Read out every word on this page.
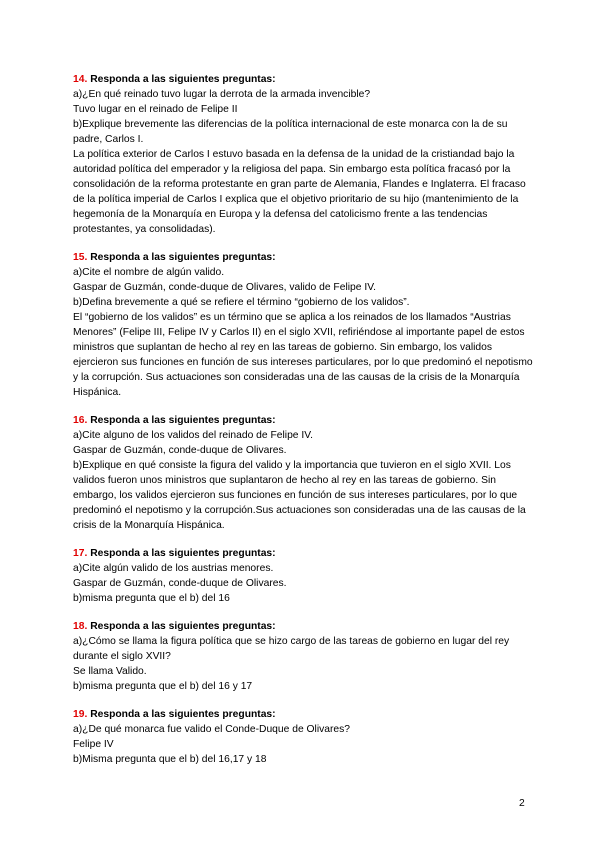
14. Responda a las siguientes preguntas:
a)¿En qué reinado tuvo lugar la derrota de la armada invencible?
Tuvo lugar en el reinado de Felipe II
b)Explique brevemente las diferencias de la política internacional de este monarca con la de su padre, Carlos I.
La política exterior de Carlos I estuvo basada en la defensa de la unidad de la cristiandad bajo la autoridad política del emperador y la religiosa del papa. Sin embargo esta política fracasó por la consolidación de la reforma protestante en gran parte de Alemania, Flandes e Inglaterra. El fracaso de la política imperial de Carlos I explica que el objetivo prioritario de su hijo (mantenimiento de la hegemonía de la Monarquía en Europa y la defensa del catolicismo frente a las tendencias protestantes, ya consolidadas).
15. Responda a las siguientes preguntas:
a)Cite el nombre de algún valido.
Gaspar de Guzmán, conde-duque de Olivares, valido de Felipe IV.
b)Defina brevemente a qué se refiere el término “gobierno de los validos”.
El “gobierno de los validos” es un término que se aplica a los reinados de los llamados “Austrias Menores” (Felipe III, Felipe IV y Carlos II) en el siglo XVII, refiriéndose al importante papel de estos ministros que suplantan de hecho al rey en las tareas de gobierno. Sin embargo, los validos ejercieron sus funciones en función de sus intereses particulares, por lo que predominó el nepotismo y la corrupción. Sus actuaciones son consideradas una de las causas de la crisis de la Monarquía Hispánica.
16. Responda a las siguientes preguntas:
a)Cite alguno de los validos del reinado de Felipe IV.
Gaspar de Guzmán, conde-duque de Olivares.
b)Explique en qué consiste la figura del valido y la importancia que tuvieron en el siglo XVII. Los validos fueron unos ministros que suplantaron de hecho al rey en las tareas de gobierno. Sin embargo, los validos ejercieron sus funciones en función de sus intereses particulares, por lo que predominó el nepotismo y la corrupción.Sus actuaciones son consideradas una de las causas de la crisis de la Monarquía Hispánica.
17. Responda a las siguientes preguntas:
a)Cite algún valido de los austrias menores.
Gaspar de Guzmán, conde-duque de Olivares.
b)misma pregunta que el b) del 16
18. Responda a las siguientes preguntas:
a)¿Cómo se llama la figura política que se hizo cargo de las tareas de gobierno en lugar del rey durante el siglo XVII?
Se llama Valido.
b)misma pregunta que el b) del 16 y 17
19. Responda a las siguientes preguntas:
a)¿De qué monarca fue valido el Conde-Duque de Olivares?
Felipe IV
b)Misma pregunta que el b) del 16,17 y 18
2
